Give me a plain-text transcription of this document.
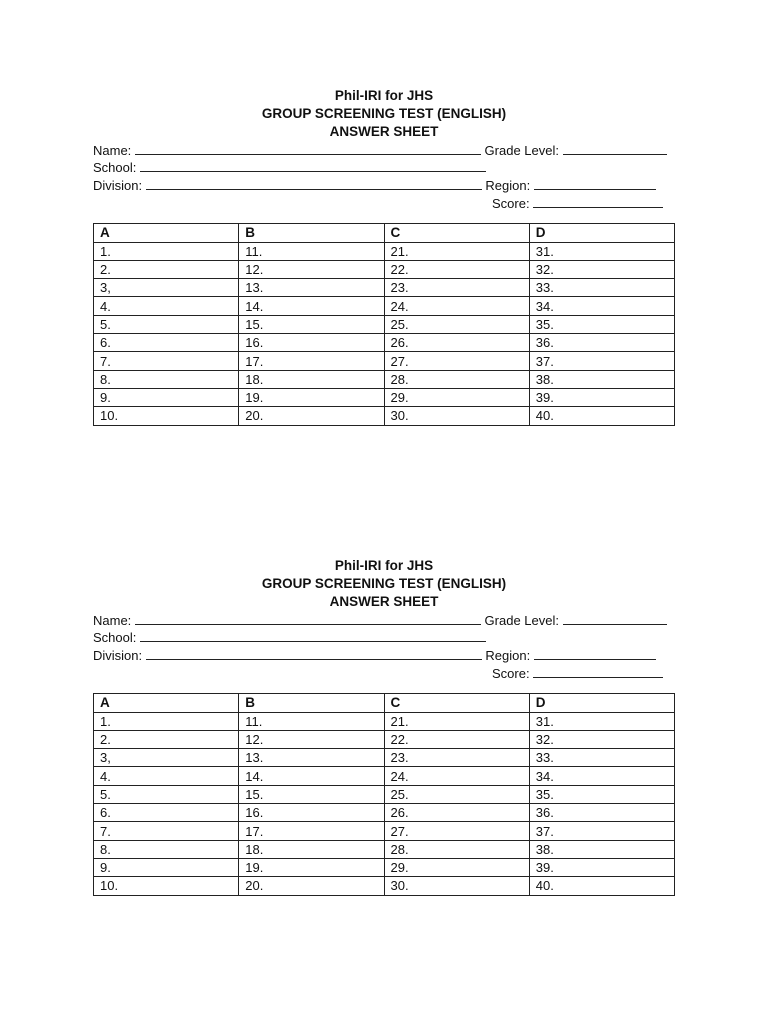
Phil-IRI for JHS
GROUP SCREENING TEST (ENGLISH)
ANSWER SHEET
Name:	Grade Level:
School:
Division:	Region:
Score:
A	B	C	D
1.	11.	21.	31.
2.	12.	22.	32.
3,	13.	23.	33.
4.	14.	24.	34.
5.	15.	25.	35.
6.	16.	26.	36.
7.	17.	27.	37.
8.	18.	28.	38.
9.	19.	29.	39.
10.	20.	30.	40.
Phil-IRI for JHS
GROUP SCREENING TEST (ENGLISH)
ANSWER SHEET
Name:	Grade Level:
School:
Division:	Region:
Score:
A	B	C	D
1.	11.	21.	31.
2.	12.	22.	32.
3,	13.	23.	33.
4.	14.	24.	34.
5.	15.	25.	35.
6.	16.	26.	36.
7.	17.	27.	37.
8.	18.	28.	38.
9.	19.	29.	39.
10.	20.	30.	40.
